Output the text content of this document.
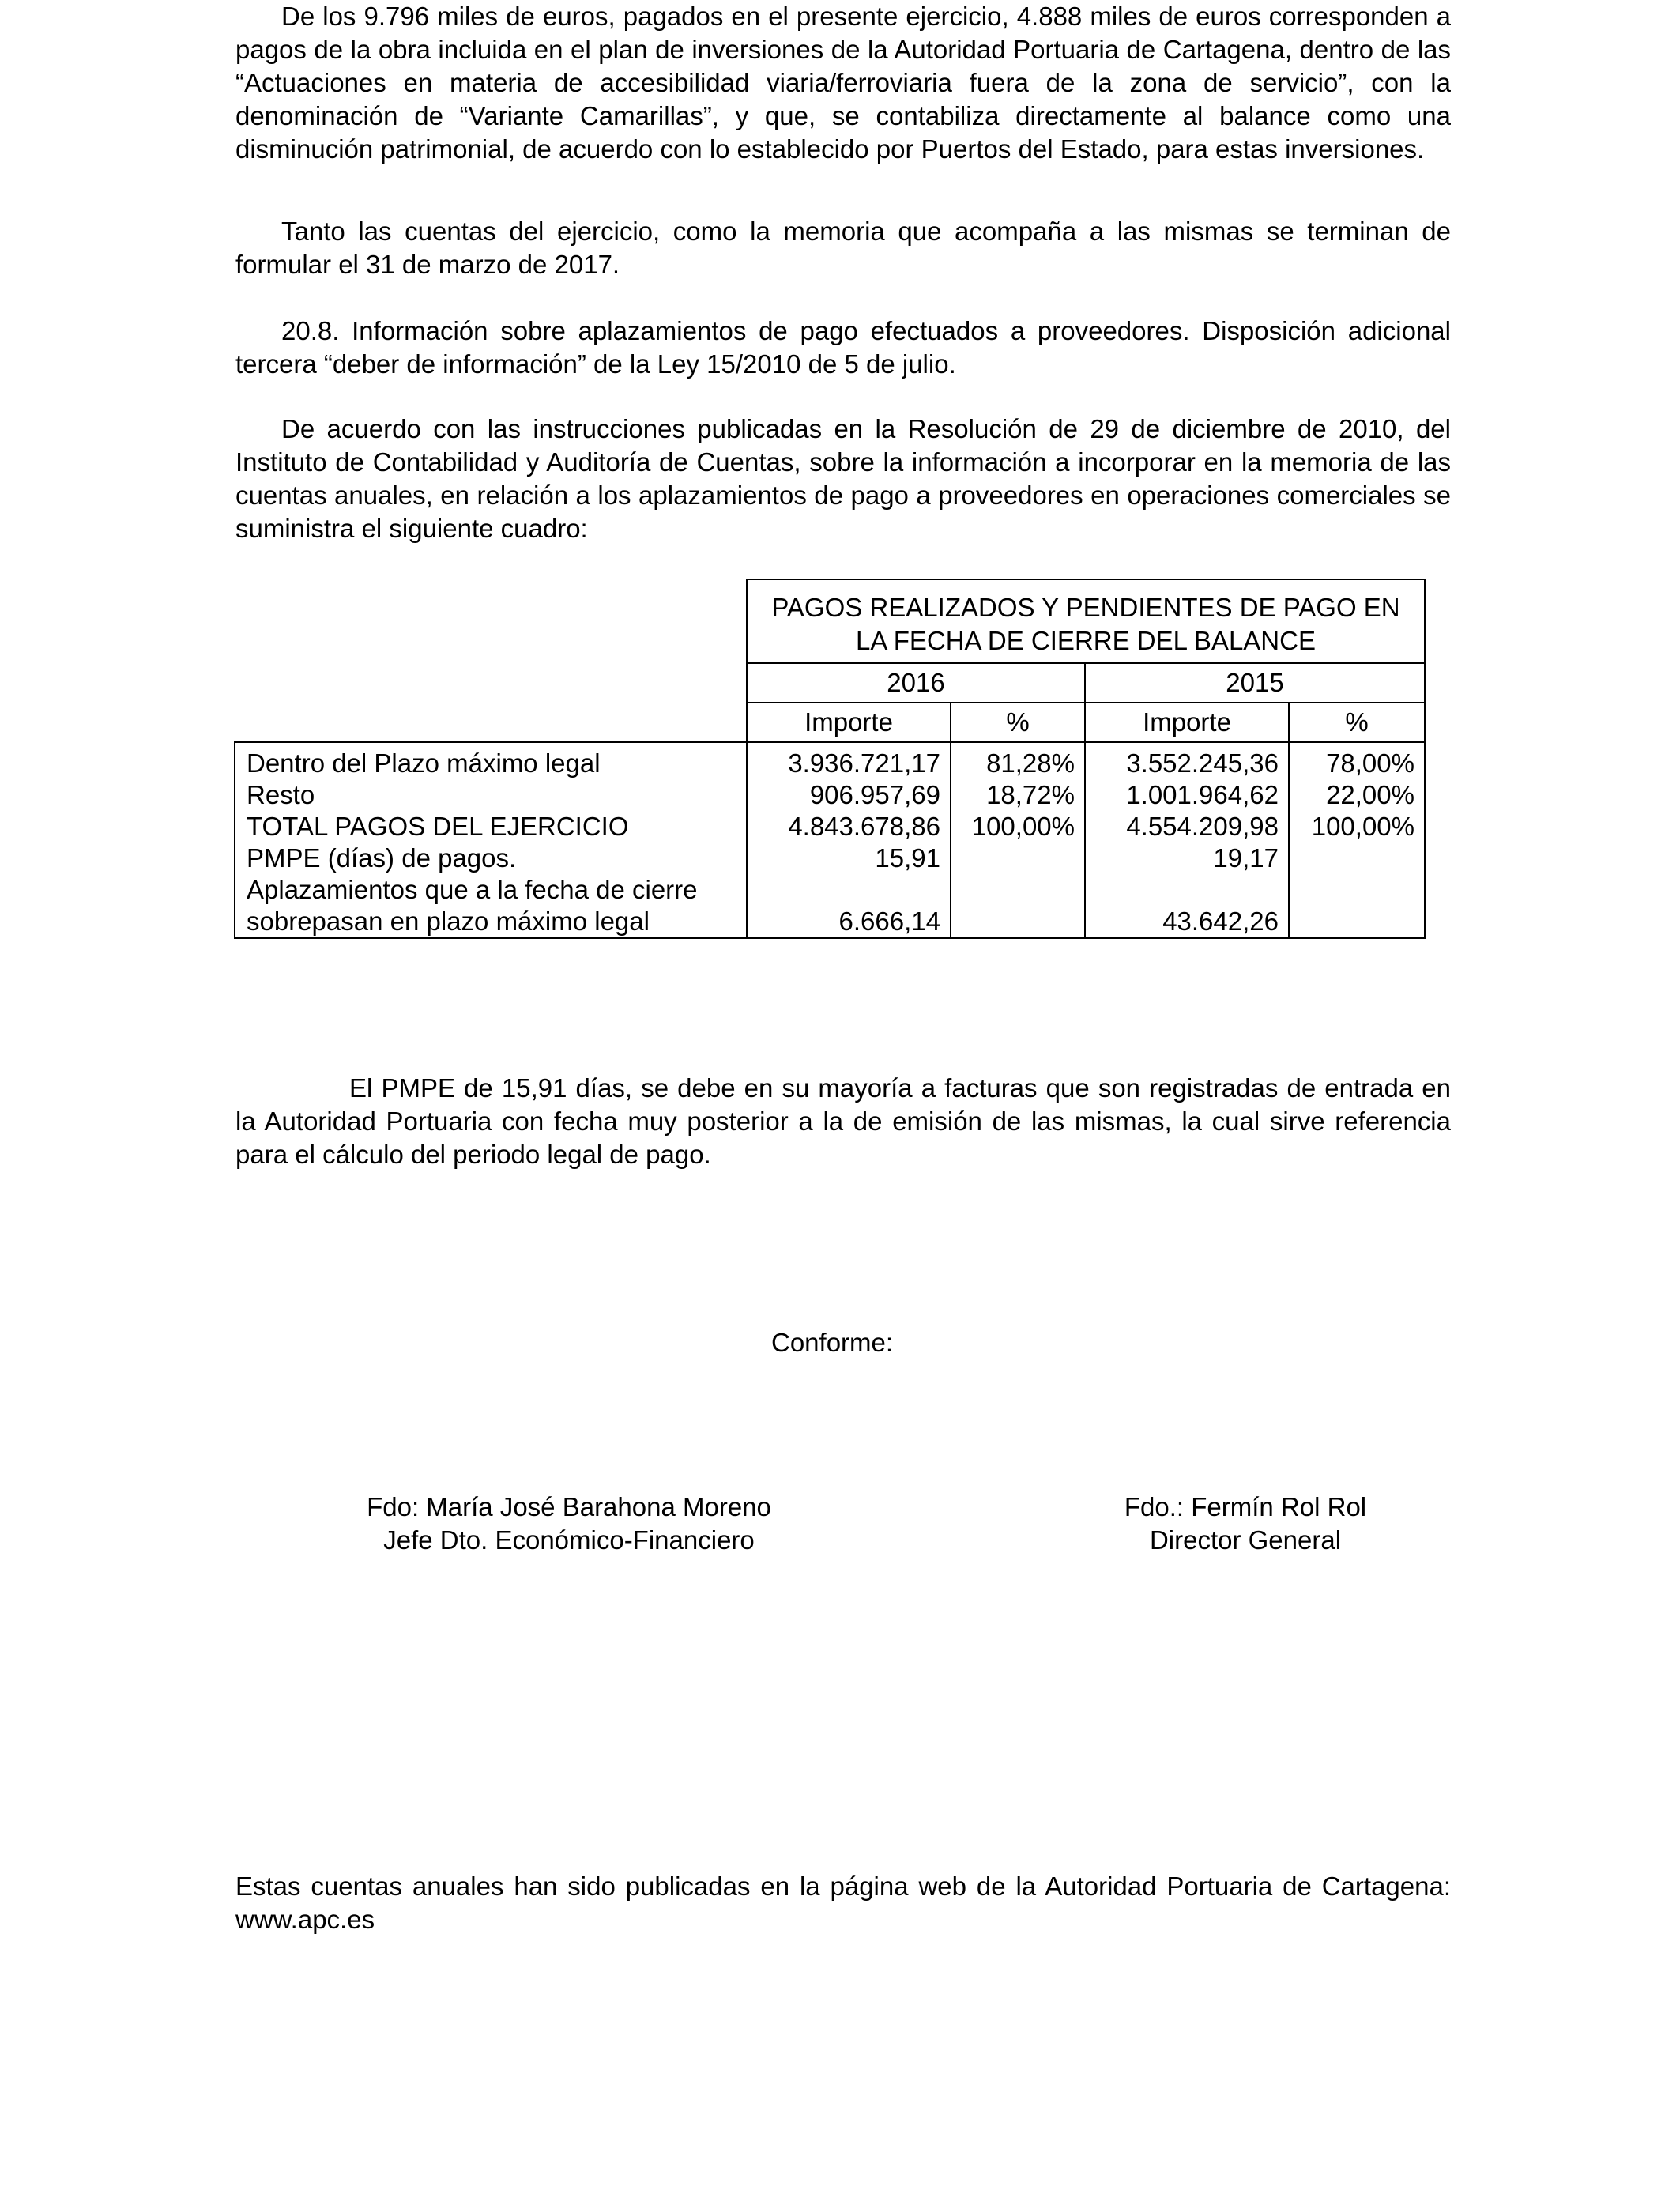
De los 9.796 miles de euros, pagados en el presente ejercicio, 4.888 miles de euros corresponden a pagos de la obra incluida en el plan de inversiones de la Autoridad Portuaria de Cartagena, dentro de las “Actuaciones en materia de accesibilidad viaria/ferroviaria fuera de la zona de servicio”, con la denominación de “Variante Camarillas”, y que, se contabiliza directamente al balance como una disminución patrimonial, de acuerdo con lo establecido por Puertos del Estado, para estas inversiones.

Tanto las cuentas del ejercicio, como la memoria que acompaña a las mismas se terminan de formular el 31 de marzo de 2017.

20.8. Información sobre aplazamientos de pago efectuados a proveedores. Disposición adicional tercera “deber de información” de la Ley 15/2010 de 5 de julio.

De acuerdo con las instrucciones publicadas en la Resolución de 29 de diciembre de 2010, del Instituto de Contabilidad y Auditoría de Cuentas, sobre la información a incorporar en la memoria de las cuentas anuales, en relación a los aplazamientos de pago a proveedores en operaciones comerciales se suministra el siguiente cuadro:

	PAGOS REALIZADOS Y PENDIENTES DE PAGO EN LA FECHA DE CIERRE DEL BALANCE			
	2016		2015	
	Importe	%	Importe	%
Dentro del Plazo máximo legal	3.936.721,17	81,28%	3.552.245,36	78,00%
Resto	906.957,69	18,72%	1.001.964,62	22,00%
TOTAL PAGOS DEL EJERCICIO	4.843.678,86	100,00%	4.554.209,98	100,00%
PMPE (días) de pagos.	15,91		19,17	
Aplazamientos que a la fecha de cierre sobrepasan en plazo máximo legal	6.666,14		43.642,26	

El PMPE de 15,91 días, se debe en su mayoría a facturas que son registradas de entrada en la Autoridad Portuaria con fecha muy posterior a la de emisión de las mismas, la cual sirve referencia para el cálculo del periodo legal de pago.

Conforme:
Fdo: María José Barahona Moreno
Jefe Dto. Económico-Financiero
Fdo.: Fermín Rol Rol
Director General

Estas cuentas anuales han sido publicadas en la página web de la Autoridad Portuaria de Cartagena: www.apc.es
